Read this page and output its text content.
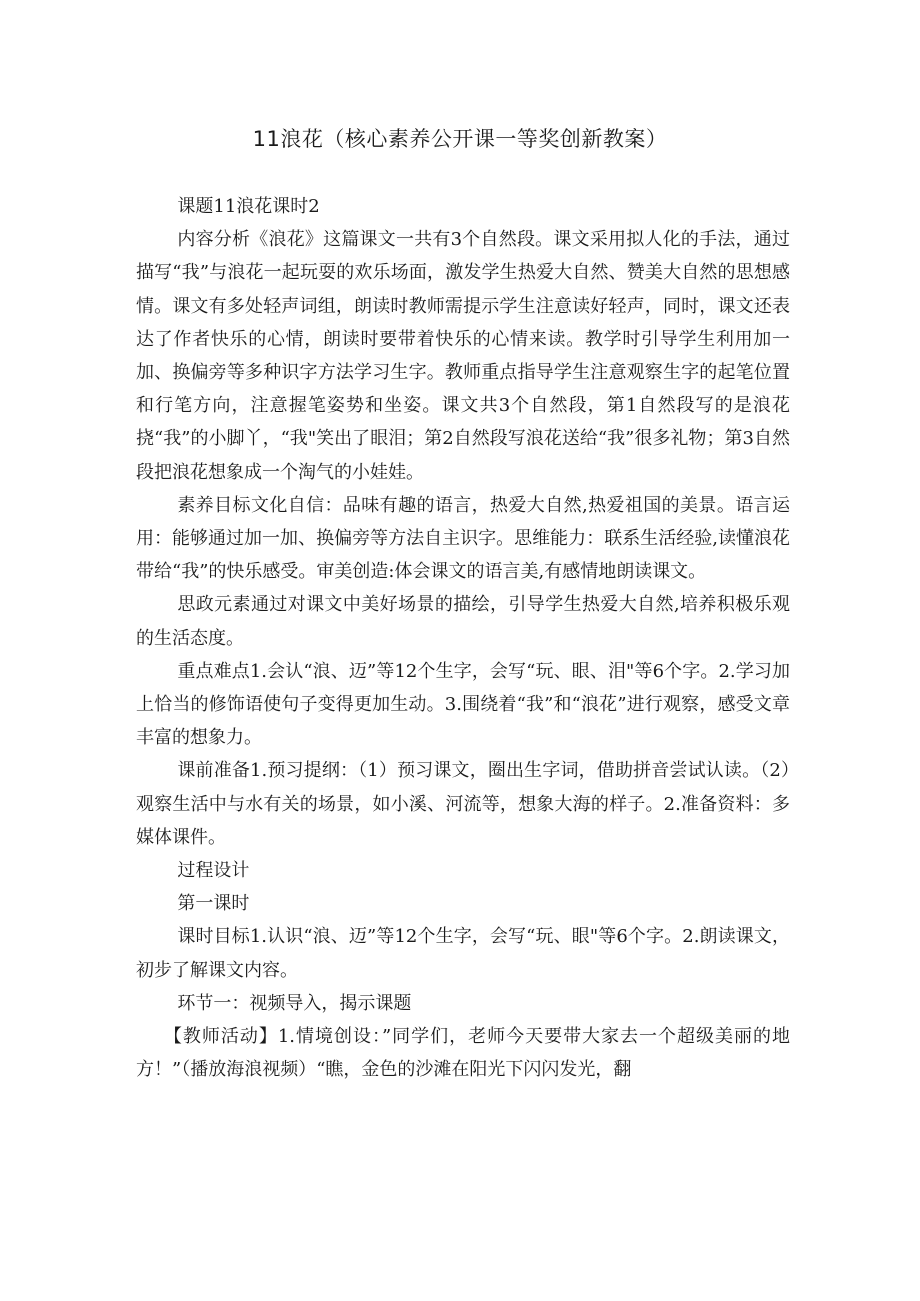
11浪花（核心素养公开课一等奖创新教案）

课题11浪花课时2

内容分析《浪花》这篇课文一共有3个自然段。课文采用拟人化的手法，通过描写“我”与浪花一起玩耍的欢乐场面，激发学生热爱大自然、赞美大自然的思想感情。课文有多处轻声词组，朗读时教师需提示学生注意读好轻声，同时，课文还表达了作者快乐的心情，朗读时要带着快乐的心情来读。教学时引导学生利用加一加、换偏旁等多种识字方法学习生字。教师重点指导学生注意观察生字的起笔位置和行笔方向，注意握笔姿势和坐姿。课文共3个自然段，第1自然段写的是浪花挠“我”的小脚丫，“我"笑出了眼泪；第2自然段写浪花送给“我”很多礼物；第3自然段把浪花想象成一个淘气的小娃娃。

素养目标文化自信：品味有趣的语言，热爱大自然,热爱祖国的美景。语言运用：能够通过加一加、换偏旁等方法自主识字。思维能力：联系生活经验,读懂浪花带给“我”的快乐感受。审美创造:体会课文的语言美,有感情地朗读课文。

思政元素通过对课文中美好场景的描绘，引导学生热爱大自然,培养积极乐观的生活态度。

重点难点1.会认“浪、迈”等12个生字，会写“玩、眼、泪"等6个字。2.学习加上恰当的修饰语使句子变得更加生动。3.围绕着“我”和“浪花”进行观察，感受文章丰富的想象力。

课前准备1.预习提纲：（1）预习课文，圈出生字词，借助拼音尝试认读。（2）观察生活中与水有关的场景，如小溪、河流等，想象大海的样子。2.准备资料：多媒体课件。

过程设计

第一课时

课时目标1.认识“浪、迈”等12个生字，会写“玩、眼"等6个字。2.朗读课文，初步了解课文内容。

环节一：视频导入，揭示课题

【教师活动】1.情境创设：”同学们，老师今天要带大家去一个超级美丽的地方！”（播放海浪视频）“瞧，金色的沙滩在阳光下闪闪发光，翻
